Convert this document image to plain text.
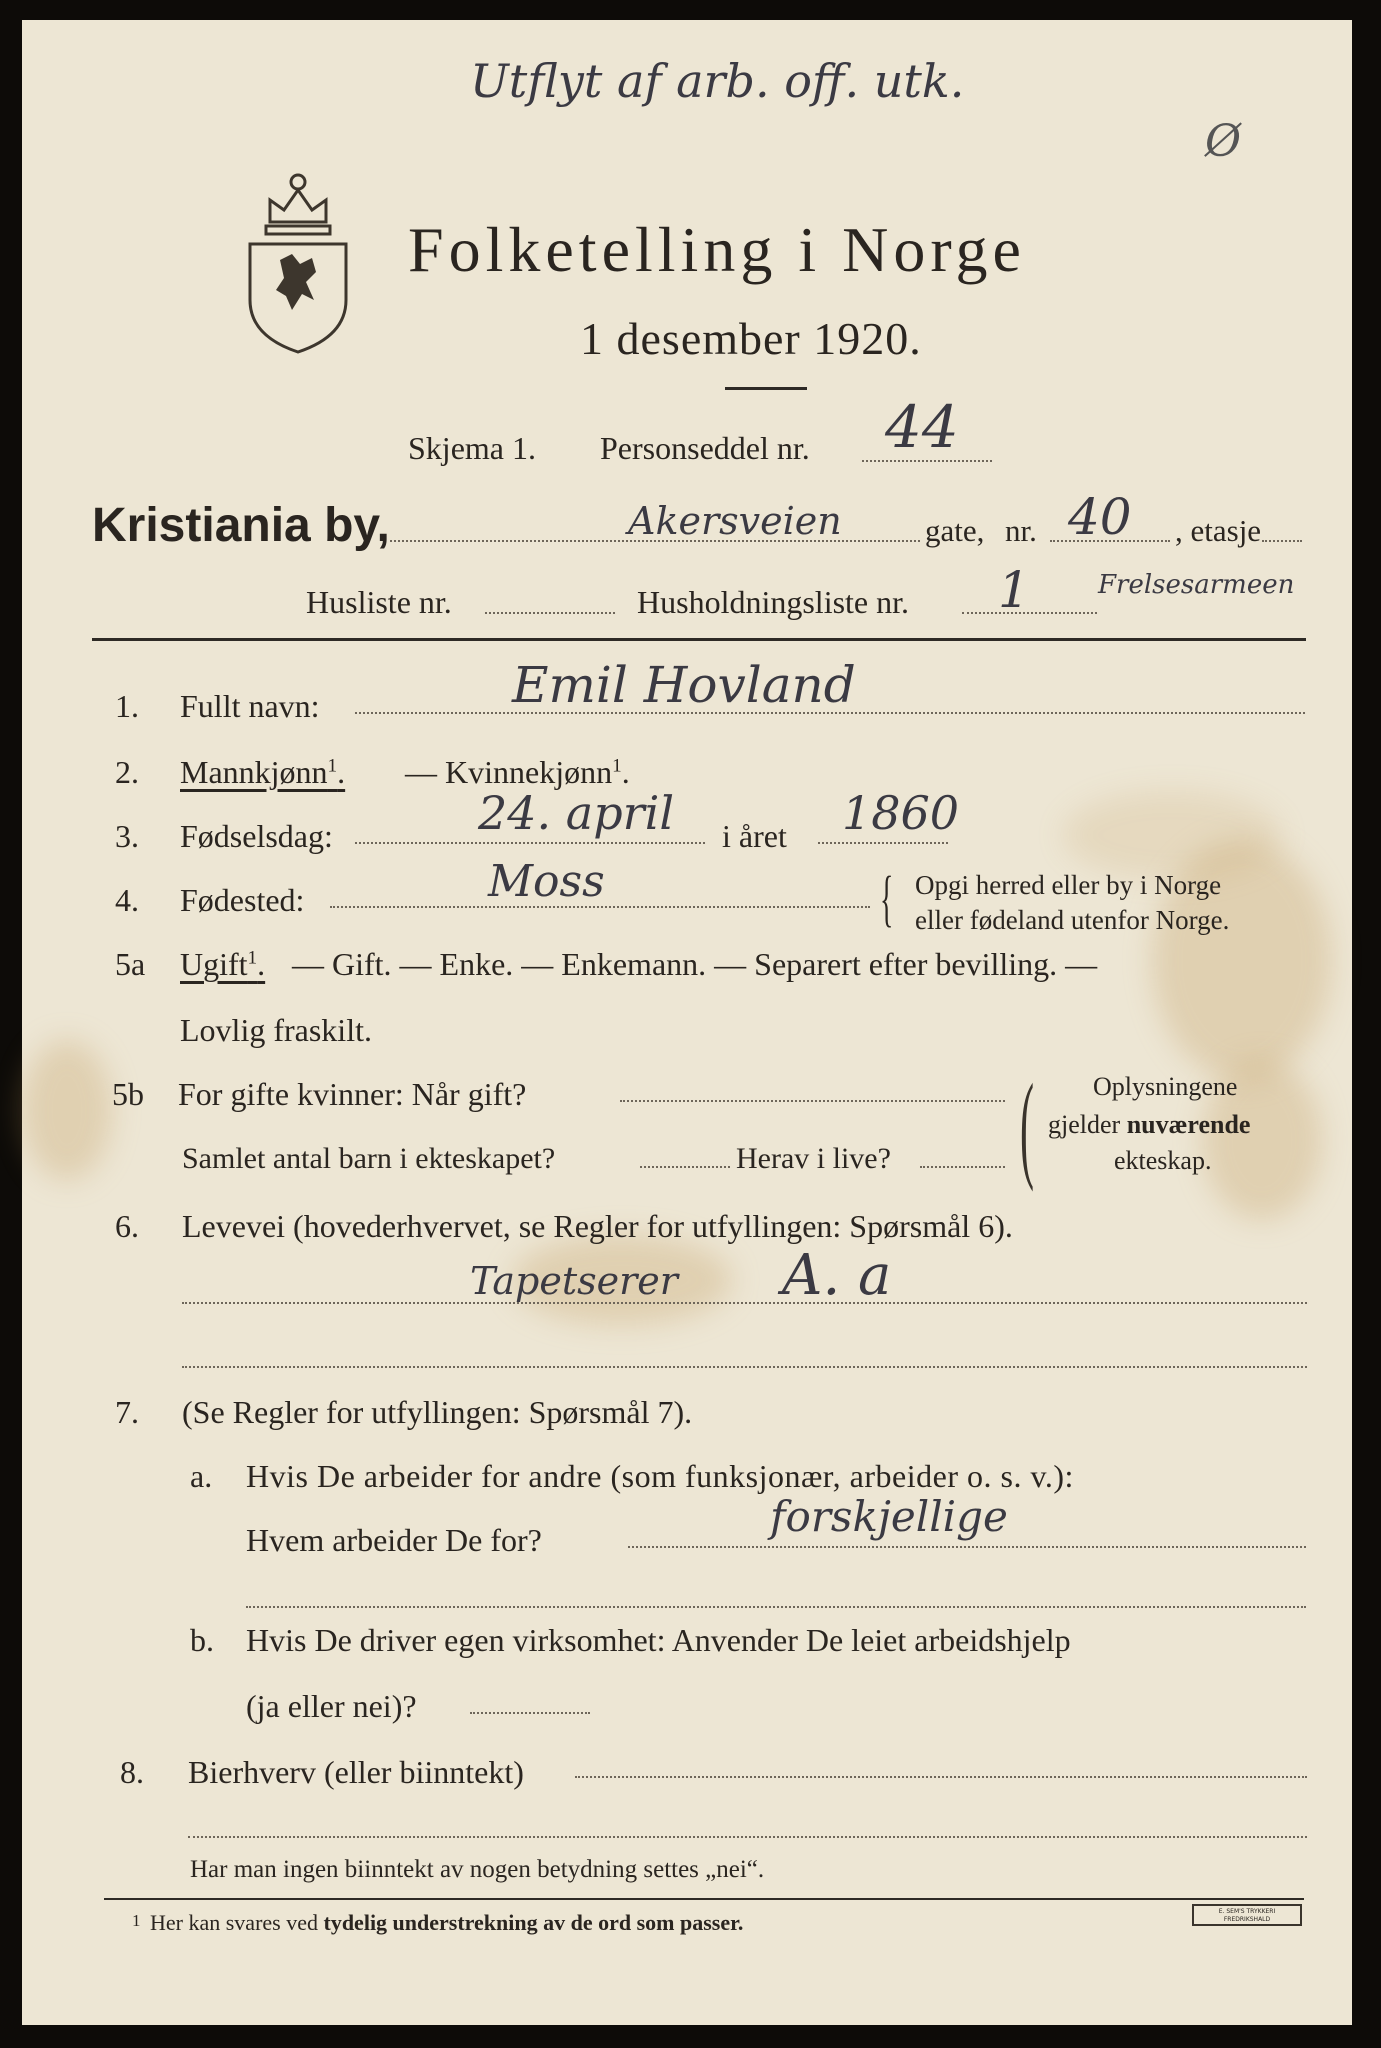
Utflyt af arb. off. utk.
Ø
Folketelling i Norge
1 desember 1920.
Skjema 1. Personseddel nr. 44
Kristiania by,	Akersveien	gate, nr. 40 , etasje
Husliste nr.	Husholdningsliste nr. 1	Frelsesarmeen
1. Fullt navn:	Emil Hovland
2. Mannkjønn$^1$. — Kvinnekjønn$^1$.
3. Fødselsdag:	24. april i året 1860
4. Fødested:	Moss	{ Opgi herred eller by i Norge
eller fødeland utenfor Norge.
5a Ugift$^1$. — Gift. — Enke. — Enkemann. — Separert efter bevilling. —
Lovlig fraskilt.
5b For gifte kvinner: Når gift?
Samlet antal barn i ekteskapet?	Herav i live? ( Oplysningene
gjelder nuværende
ekteskap.
6. Levevei (hovederhvervet, se Regler for utfyllingen: Spørsmål 6).
Tapetserer A. a
7. (Se Regler for utfyllingen: Spørsmål 7).
a. Hvis De arbeider for andre (som funksjonær, arbeider o. s. v.):
Hvem arbeider De for?	forskjellige
b. Hvis De driver egen virksomhet: Anvender De leiet arbeidshjelp
(ja eller nei)?
8. Bierhverv (eller biinntekt)
Har man ingen biinntekt av nogen betydning settes „nei“.
1 Her kan svares ved tydelig understrekning av de ord som passer.	E. SEM'S TRYKKERI
FREDRIKSHALD
